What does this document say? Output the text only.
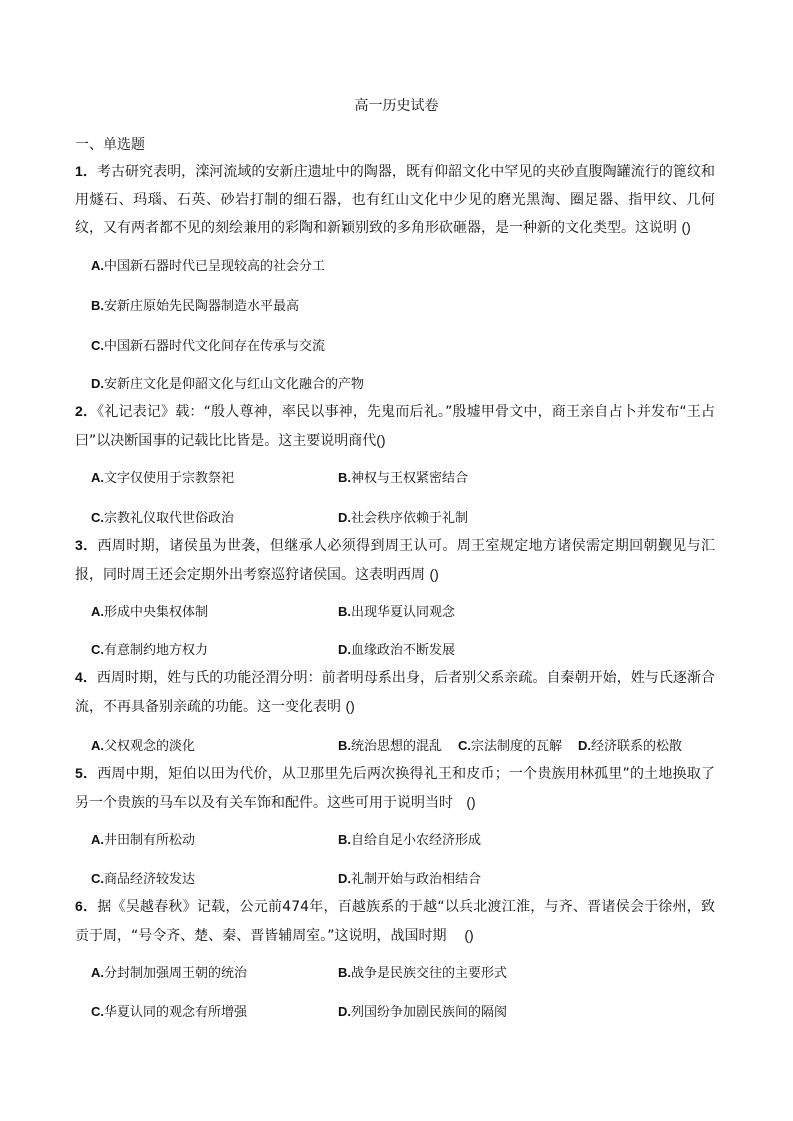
高一历史试卷
一、单选题
1．考古研究表明，滦河流域的安新庄遗址中的陶器，既有仰韶文化中罕见的夹砂直腹陶罐流行的篦纹和用燧石、玛瑙、石英、砂岩打制的细石器，也有红山文化中少见的磨光黑淘、圈足器、指甲纹、几何纹，又有两者都不见的刻绘兼用的彩陶和新颖别致的多角形砍砸器，是一种新的文化类型。这说明 ()
A.中国新石器时代已呈现较高的社会分工
B.安新庄原始先民陶器制造水平最高
C.中国新石器时代文化间存在传承与交流
D.安新庄文化是仰韶文化与红山文化融合的产物
2．《礼记表记》载：“殷人尊神，率民以事神，先鬼而后礼。”殷墟甲骨文中，商王亲自占卜并发布“王占曰”以决断国事的记载比比皆是。这主要说明商代()
A.文字仅使用于宗教祭祀	B.神权与王权紧密结合
C.宗教礼仪取代世俗政治	D.社会秩序依赖于礼制
3．西周时期，诸侯虽为世袭，但继承人必须得到周王认可。周王室规定地方诸侯需定期回朝觐见与汇报，同时周王还会定期外出考察巡狩诸侯国。这表明西周 ()
A.形成中央集权体制	B.出现华夏认同观念
C.有意制约地方权力	D.血缘政治不断发展
4．西周时期，姓与氏的功能泾渭分明：前者明母系出身，后者别父系亲疏。自秦朝开始，姓与氏逐渐合流，不再具备别亲疏的功能。这一变化表明 ()
A.父权观念的淡化	B.统治思想的混乱 C.宗法制度的瓦解 D.经济联系的松散
5．西周中期，矩伯以田为代价，从卫那里先后两次换得礼王和皮币；一个贵族用林孤里”的土地换取了另一个贵族的马车以及有关车饰和配件。这些可用于说明当时 ()
A.井田制有所松动	B.自给自足小农经济形成
C.商品经济较发达	D.礼制开始与政治相结合
6．据《吴越春秋》记载，公元前474年，百越族系的于越“以兵北渡江淮，与齐、晋诸侯会于徐州，致贡于周，“号令齐、楚、秦、晋皆辅周室。”这说明，战国时期 ()
A.分封制加强周王朝的统治	B.战争是民族交往的主要形式
C.华夏认同的观念有所增强	D.列国纷争加剧民族间的隔阂
